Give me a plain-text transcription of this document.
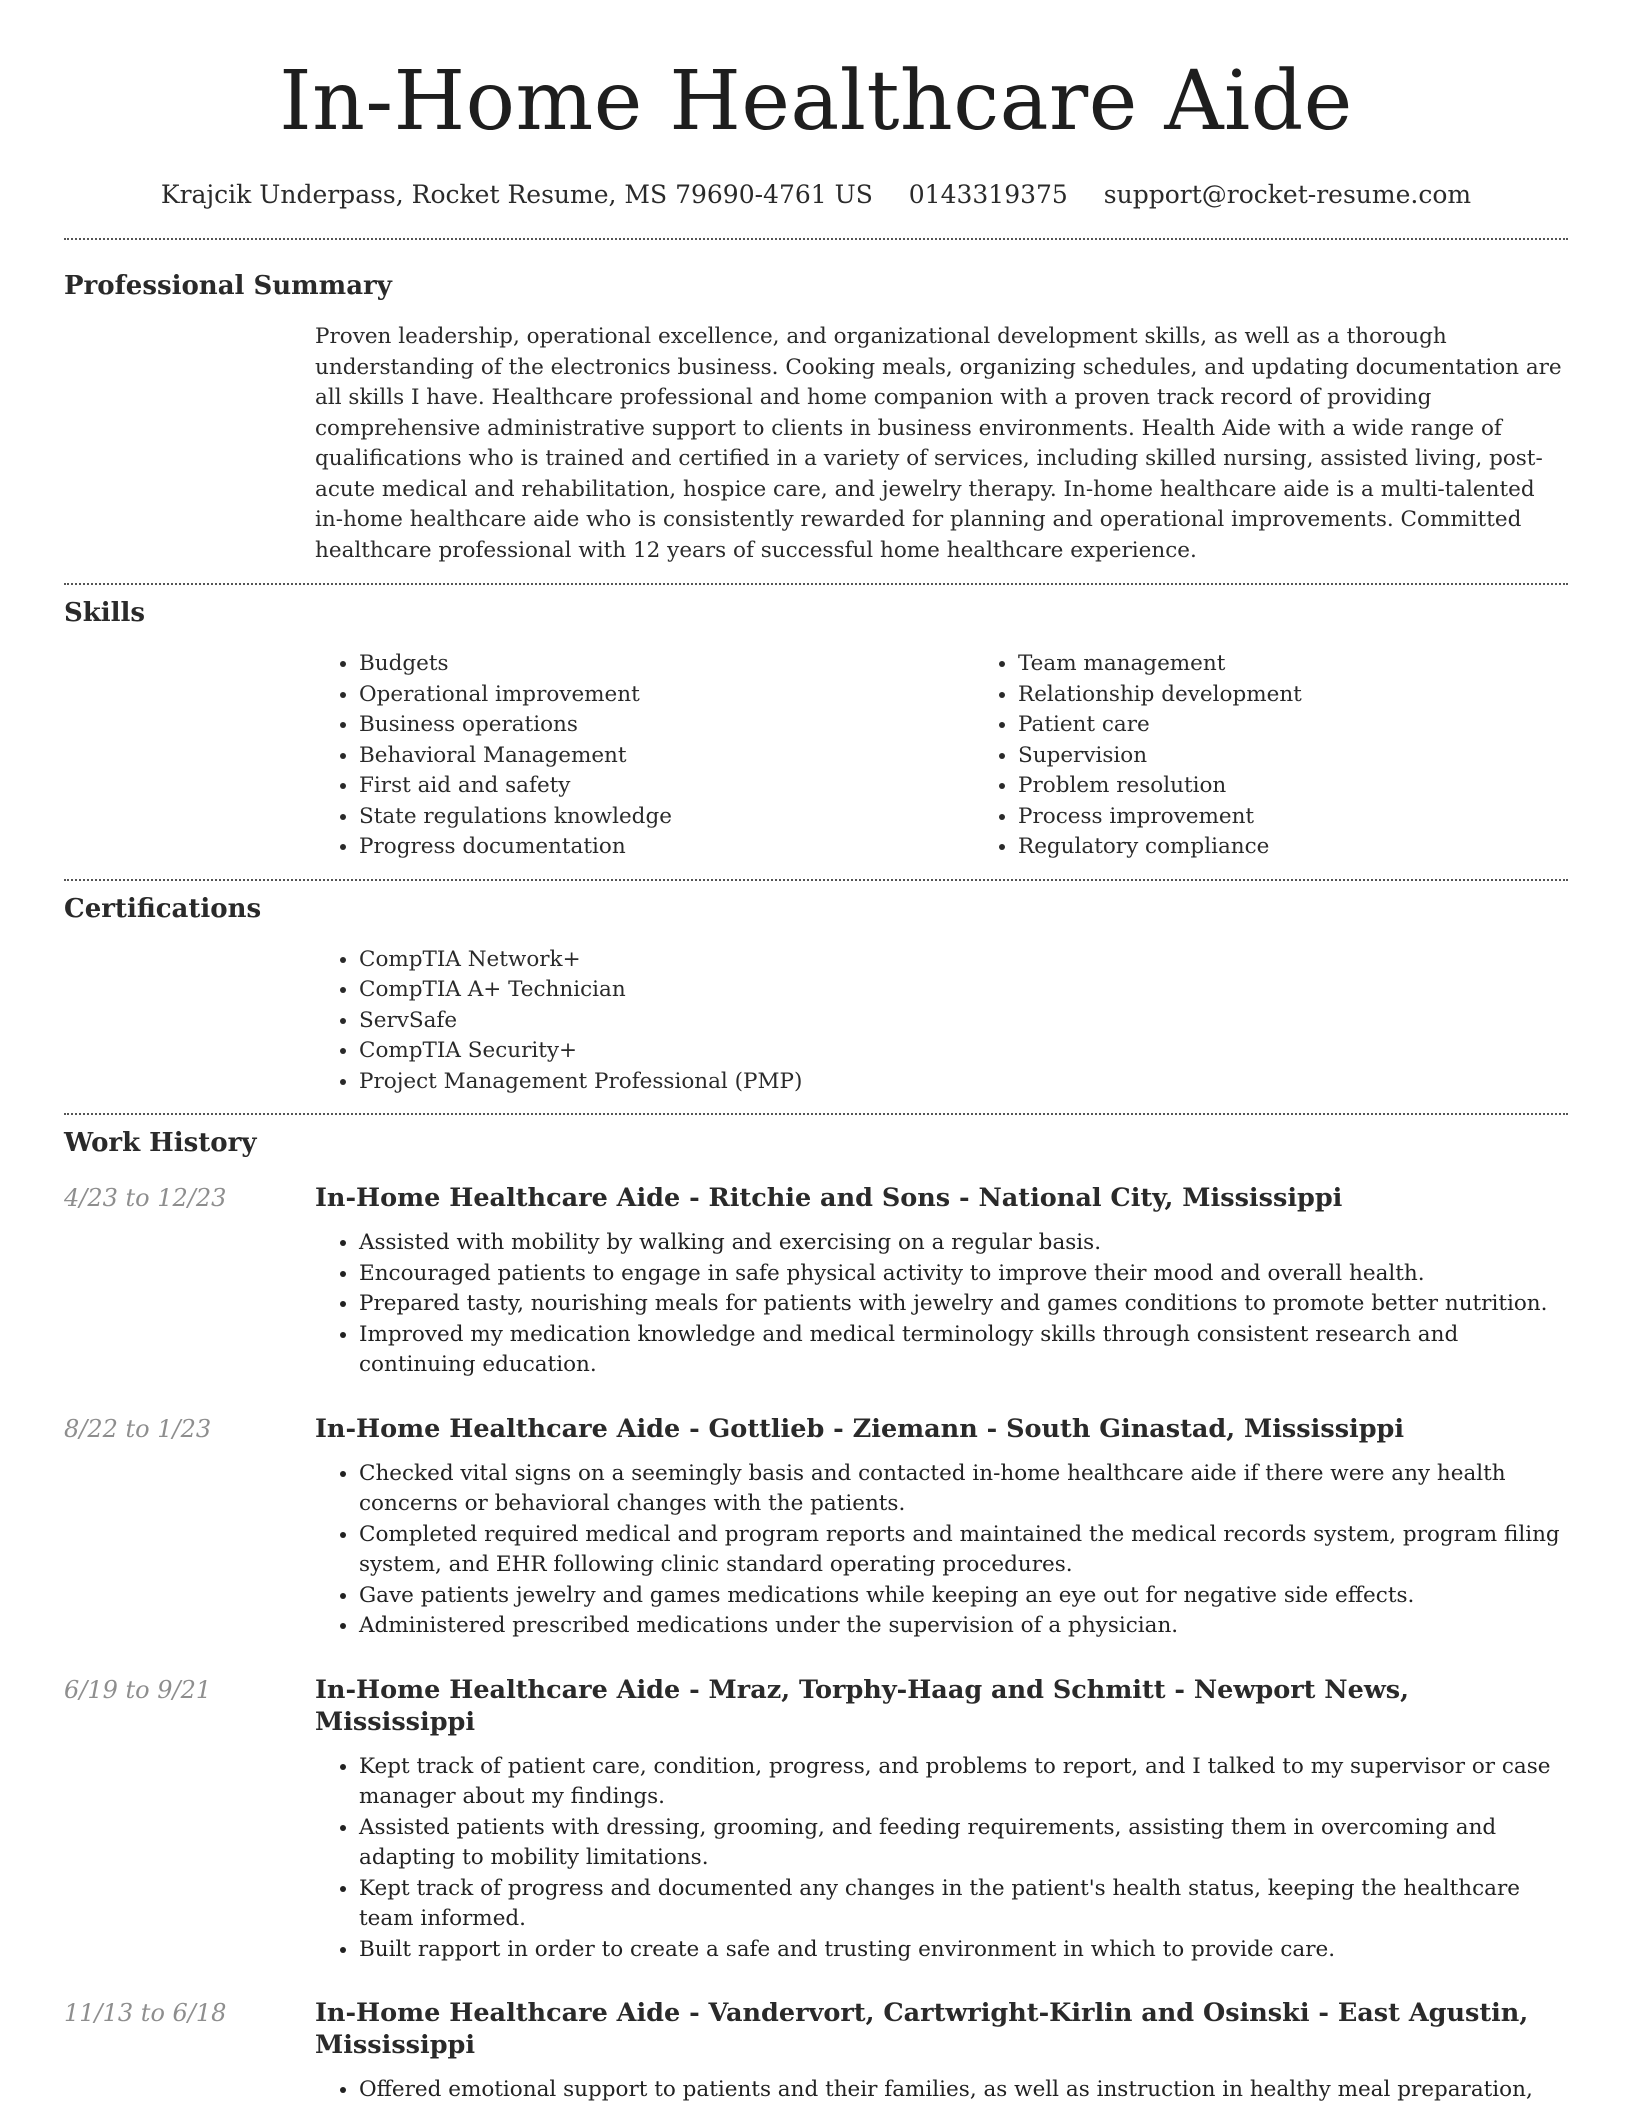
In-Home Healthcare Aide
Krajcik Underpass, Rocket Resume, MS 79690-4761 US 0143319375 support@rocket-resume.com
Professional Summary

Proven leadership, operational excellence, and organizational development skills, as well as a thorough understanding of the electronics business. Cooking meals, organizing schedules, and updating documentation are all skills I have. Healthcare professional and home companion with a proven track record of providing comprehensive administrative support to clients in business environments. Health Aide with a wide range of qualifications who is trained and certified in a variety of services, including skilled nursing, assisted living, post-acute medical and rehabilitation, hospice care, and jewelry therapy. In-home healthcare aide is a multi-talented in-home healthcare aide who is consistently rewarded for planning and operational improvements. Committed healthcare professional with 12 years of successful home healthcare experience.

Skills
• Budgets
• Operational improvement
• Business operations
• Behavioral Management
• First aid and safety
• State regulations knowledge
• Progress documentation
• Team management
• Relationship development
• Patient care
• Supervision
• Problem resolution
• Process improvement
• Regulatory compliance
Certifications
• CompTIA Network+
• CompTIA A+ Technician
• ServSafe
• CompTIA Security+
• Project Management Professional (PMP)
Work History
4/23 to 12/23	In-Home Healthcare Aide - Ritchie and Sons - National City, Mississippi
• Assisted with mobility by walking and exercising on a regular basis.
• Encouraged patients to engage in safe physical activity to improve their mood and overall health.
• Prepared tasty, nourishing meals for patients with jewelry and games conditions to promote better nutrition.
• Improved my medication knowledge and medical terminology skills through consistent research and continuing education.
8/22 to 1/23	In-Home Healthcare Aide - Gottlieb - Ziemann - South Ginastad, Mississippi
• Checked vital signs on a seemingly basis and contacted in-home healthcare aide if there were any health concerns or behavioral changes with the patients.
• Completed required medical and program reports and maintained the medical records system, program filing system, and EHR following clinic standard operating procedures.
• Gave patients jewelry and games medications while keeping an eye out for negative side effects.
• Administered prescribed medications under the supervision of a physician.
6/19 to 9/21	In-Home Healthcare Aide - Mraz, Torphy-Haag and Schmitt - Newport News, Mississippi
• Kept track of patient care, condition, progress, and problems to report, and I talked to my supervisor or case manager about my findings.
• Assisted patients with dressing, grooming, and feeding requirements, assisting them in overcoming and adapting to mobility limitations.
• Kept track of progress and documented any changes in the patient's health status, keeping the healthcare team informed.
• Built rapport in order to create a safe and trusting environment in which to provide care.
11/13 to 6/18	In-Home Healthcare Aide - Vandervort, Cartwright-Kirlin and Osinski - East Agustin, Mississippi
• Offered emotional support to patients and their families, as well as instruction in healthy meal preparation,
